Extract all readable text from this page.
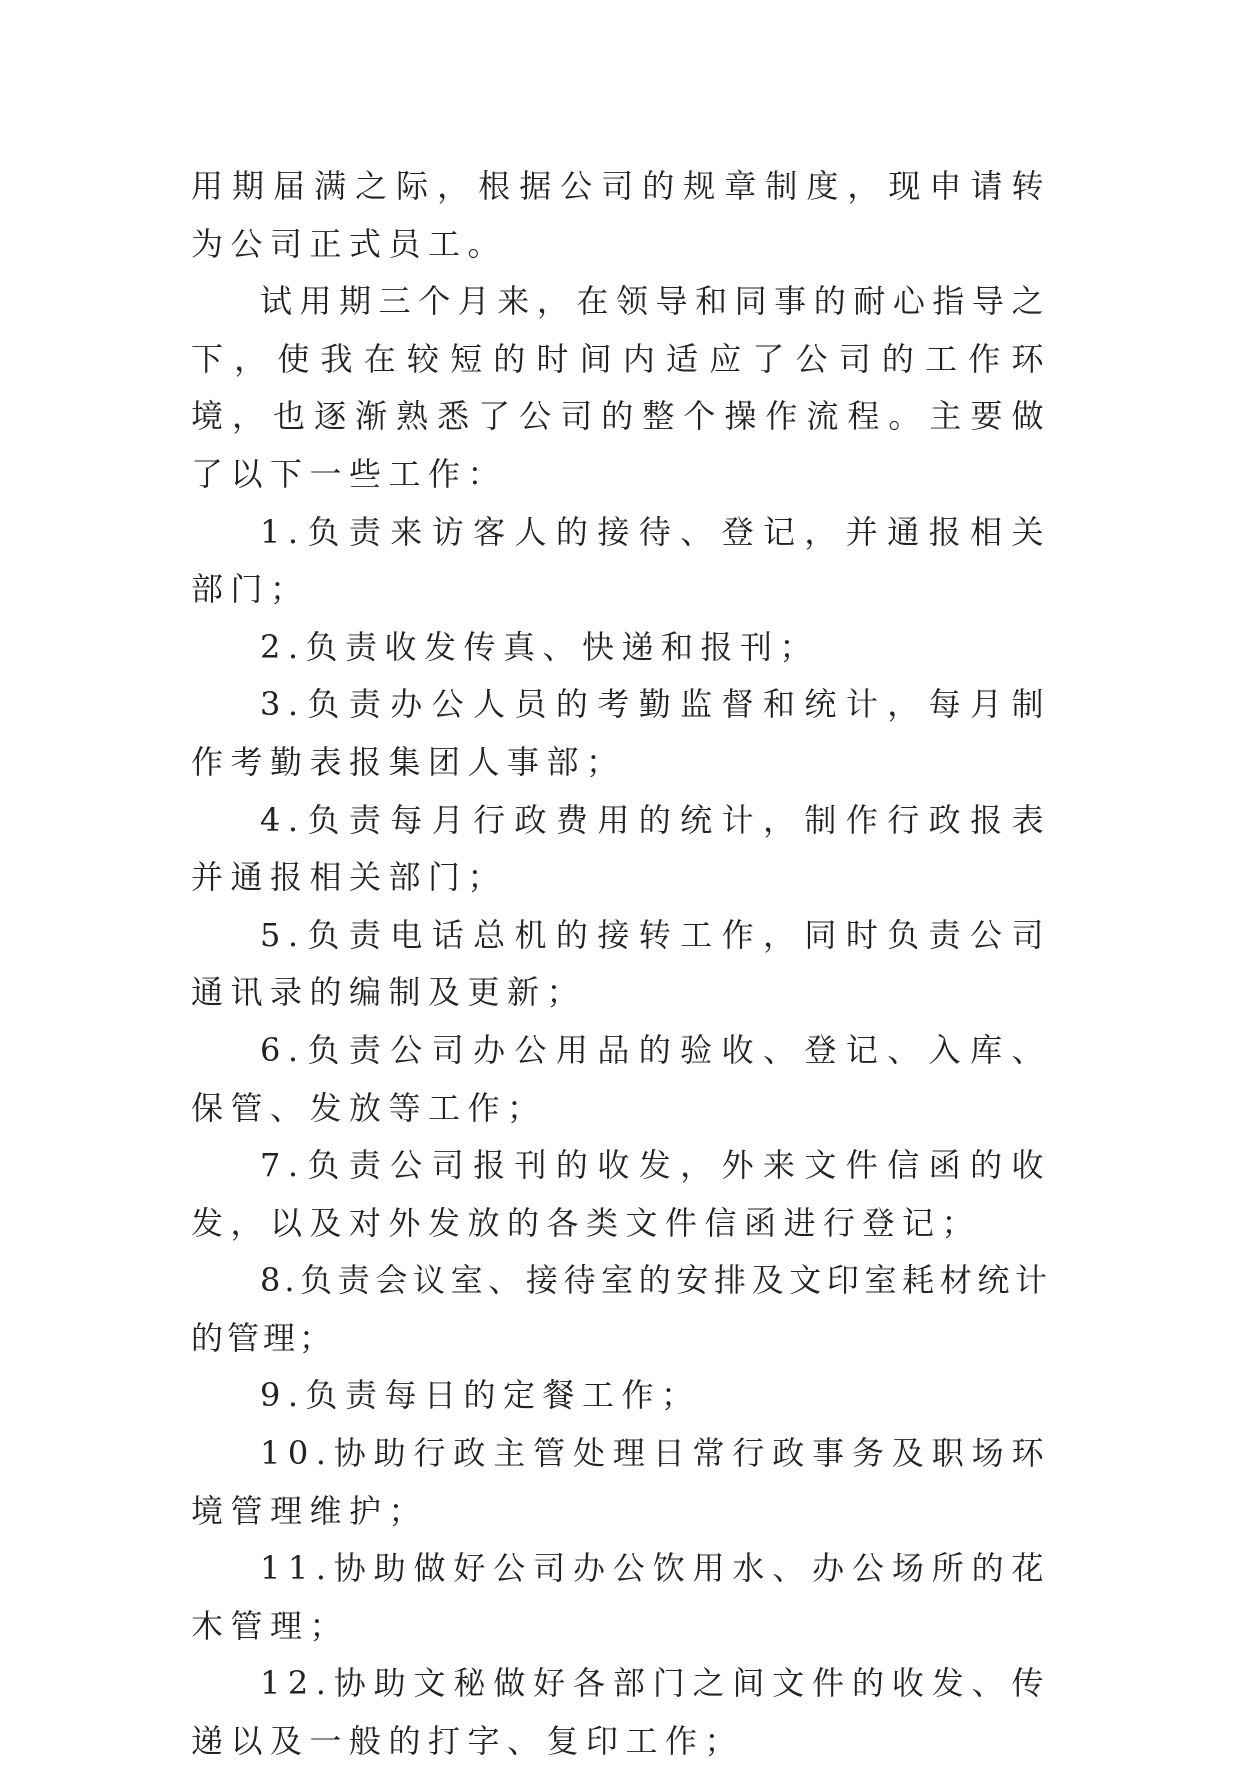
用期届满之际，根据公司的规章制度，现申请转为公司正式员工。

试用期三个月来，在领导和同事的耐心指导之下，使我在较短的时间内适应了公司的工作环境，也逐渐熟悉了公司的整个操作流程。主要做了以下一些工作：

1.负责来访客人的接待、登记，并通报相关部门；

2.负责收发传真、快递和报刊；

3.负责办公人员的考勤监督和统计，每月制作考勤表报集团人事部；

4.负责每月行政费用的统计，制作行政报表并通报相关部门；

5.负责电话总机的接转工作，同时负责公司通讯录的编制及更新；

6.负责公司办公用品的验收、登记、入库、保管、发放等工作；

7.负责公司报刊的收发，外来文件信函的收发，以及对外发放的各类文件信函进行登记；

8.负责会议室、接待室的安排及文印室耗材统计的管理；

9.负责每日的定餐工作；

10.协助行政主管处理日常行政事务及职场环境管理维护；

11.协助做好公司办公饮用水、办公场所的花木管理；

12.协助文秘做好各部门之间文件的收发、传递以及一般的打字、复印工作；
